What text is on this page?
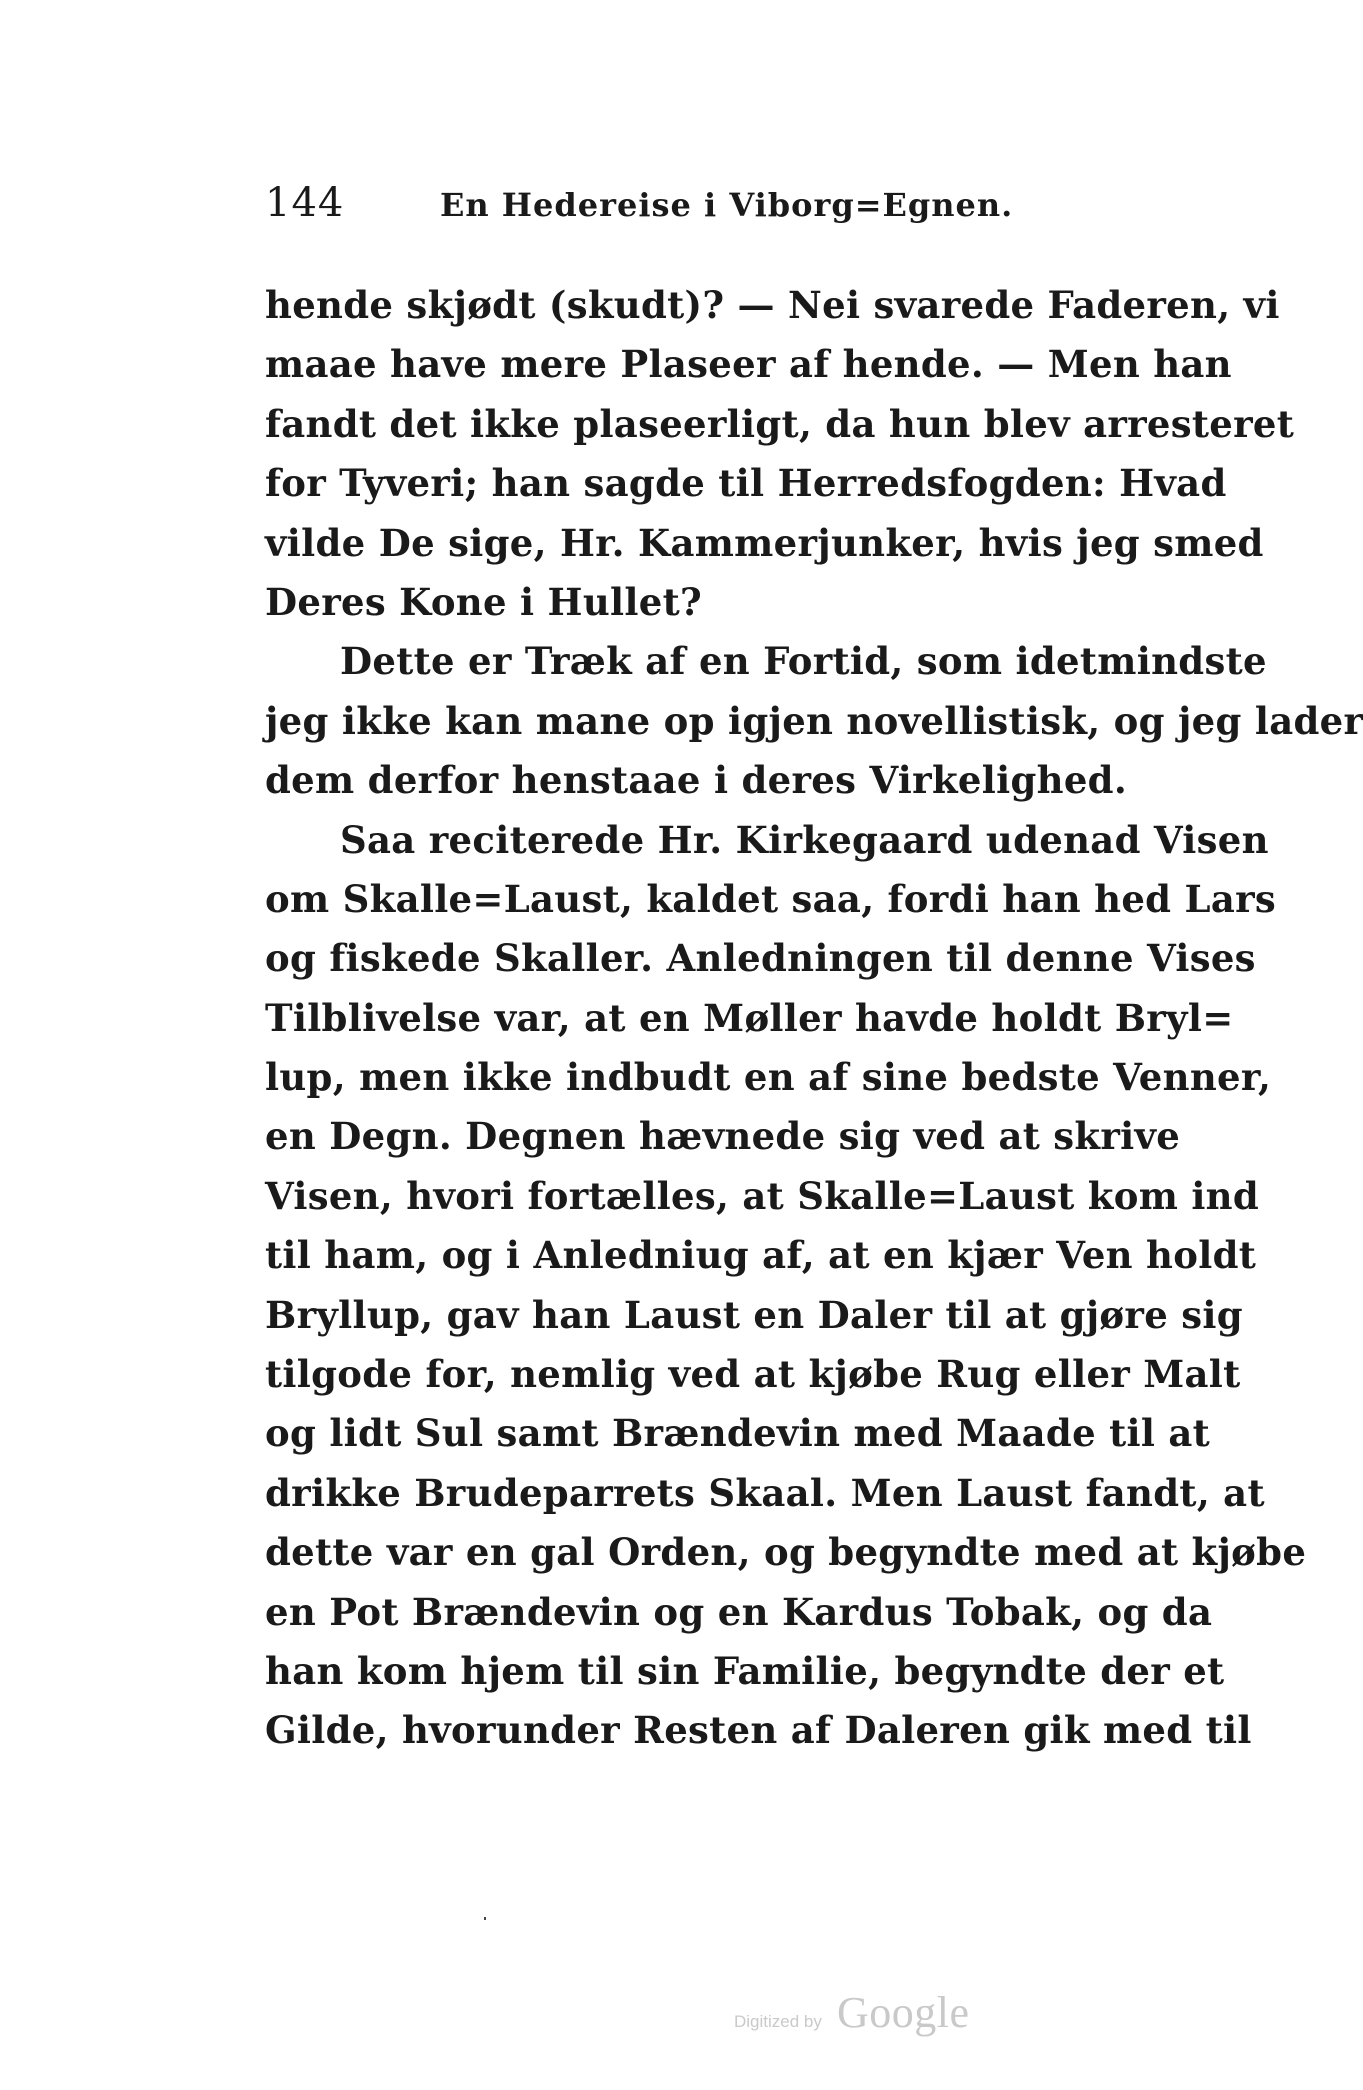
144	En Hedereise i Viborg=Egnen.
hende skjødt (skudt)? — Nei svarede Faderen, vi
maae have mere Plaseer af hende. — Men han
fandt det ikke plaseerligt, da hun blev arresteret
for Tyveri; han sagde til Herredsfogden: Hvad
vilde De sige, Hr. Kammerjunker, hvis jeg smed
Deres Kone i Hullet?
Dette er Træk af en Fortid, som idetmindste
jeg ikke kan mane op igjen novellistisk, og jeg lader
dem derfor henstaae i deres Virkelighed.
Saa reciterede Hr. Kirkegaard udenad Visen
om Skalle=Laust, kaldet saa, fordi han hed Lars
og fiskede Skaller. Anledningen til denne Vises
Tilblivelse var, at en Møller havde holdt Bryl=
lup, men ikke indbudt en af sine bedste Venner,
en Degn. Degnen hævnede sig ved at skrive
Visen, hvori fortælles, at Skalle=Laust kom ind
til ham, og i Anledniug af, at en kjær Ven holdt
Bryllup, gav han Laust en Daler til at gjøre sig
tilgode for, nemlig ved at kjøbe Rug eller Malt
og lidt Sul samt Brændevin med Maade til at
drikke Brudeparrets Skaal. Men Laust fandt, at
dette var en gal Orden, og begyndte med at kjøbe
en Pot Brændevin og en Kardus Tobak, og da
han kom hjem til sin Familie, begyndte der et
Gilde, hvorunder Resten af Daleren gik med til
Digitized by Google
